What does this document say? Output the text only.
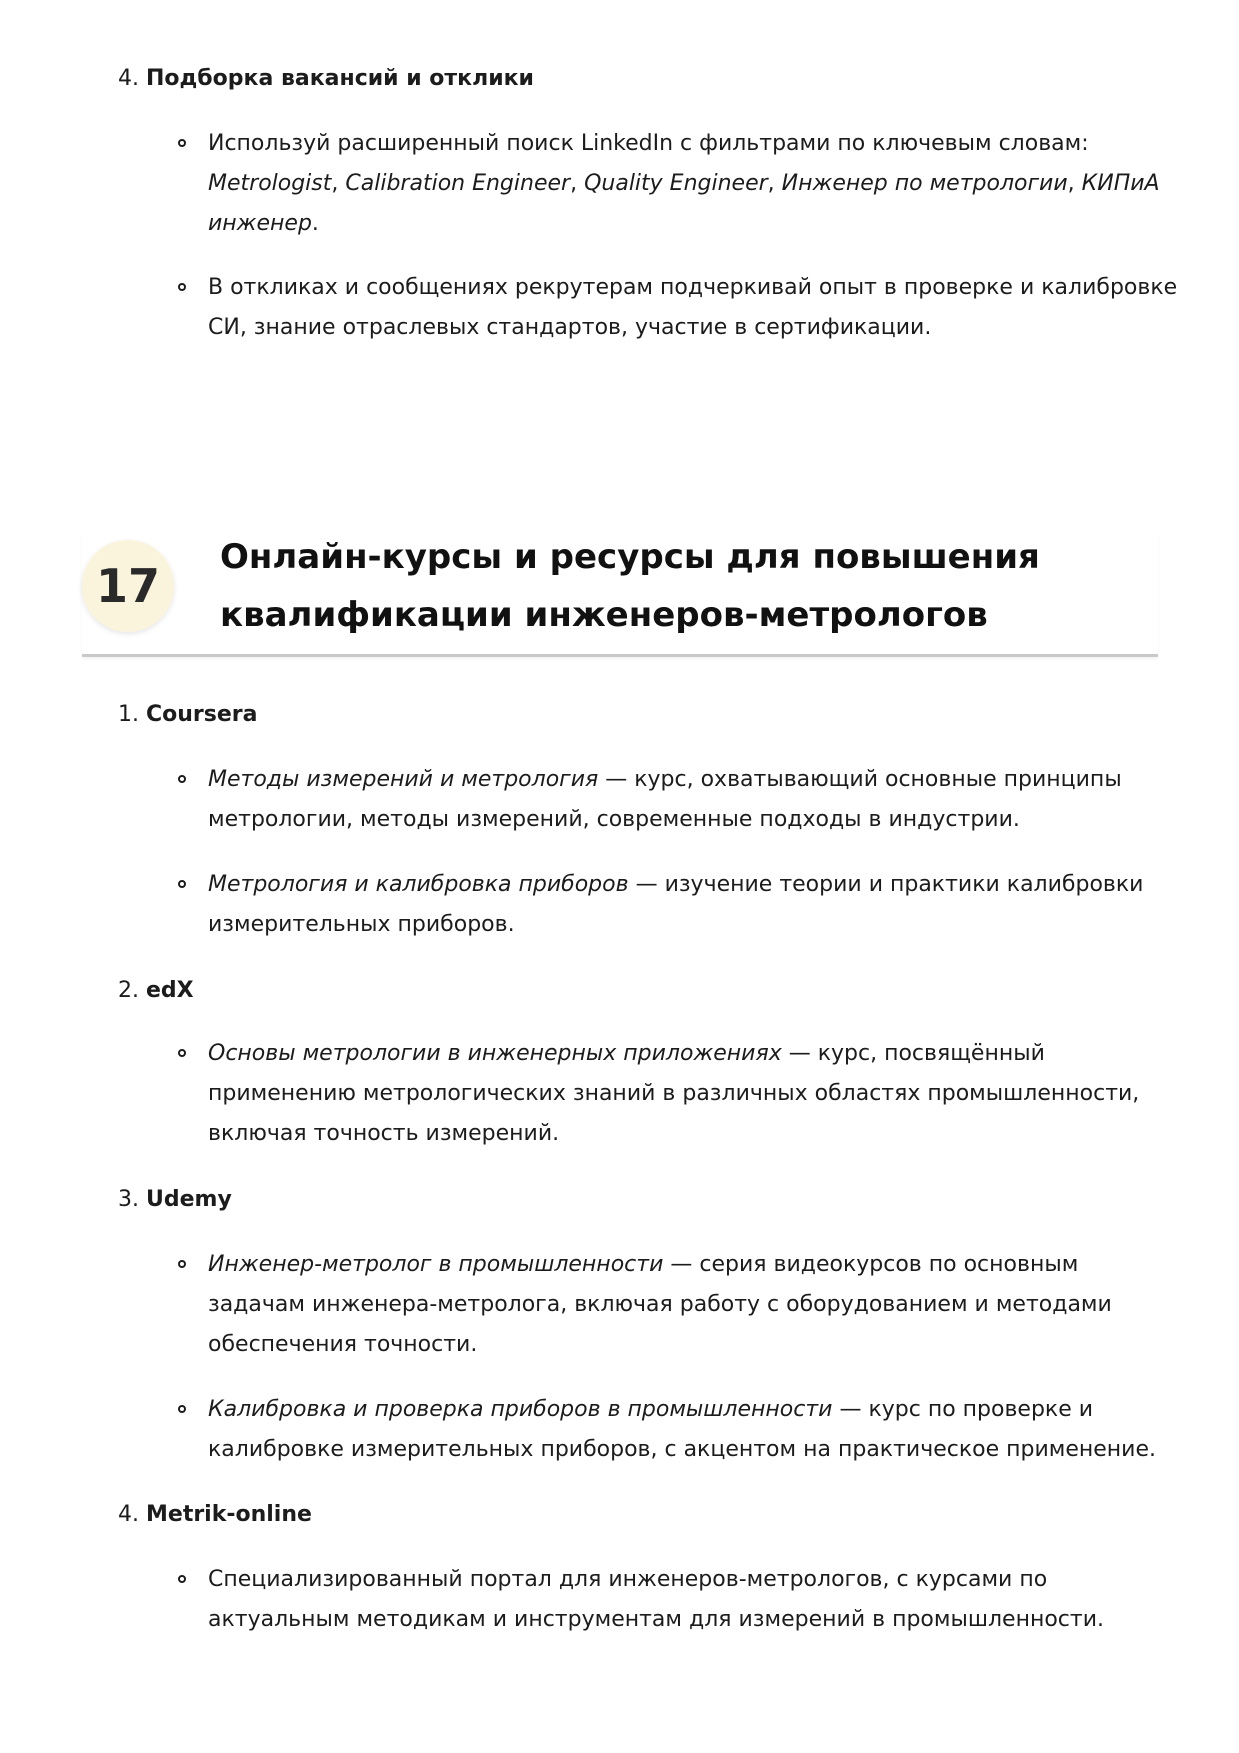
4. Подборка вакансий и отклики
Используй расширенный поиск LinkedIn с фильтрами по ключевым словам: Metrologist, Calibration Engineer, Quality Engineer, Инженер по метрологии, КИПиА инженер.
В откликах и сообщениях рекрутерам подчеркивай опыт в проверке и калибровке СИ, знание отраслевых стандартов, участие в сертификации.
17
Онлайн-курсы и ресурсы для повышения
квалификации инженеров-метрологов
1. Coursera
Методы измерений и метрология — курс, охватывающий основные принципы метрологии, методы измерений, современные подходы в индустрии.
Метрология и калибровка приборов — изучение теории и практики калибровки измерительных приборов.
2. edX
Основы метрологии в инженерных приложениях — курс, посвящённый применению метрологических знаний в различных областях промышленности, включая точность измерений.
3. Udemy
Инженер-метролог в промышленности — серия видеокурсов по основным задачам инженера-метролога, включая работу с оборудованием и методами обеспечения точности.
Калибровка и проверка приборов в промышленности — курс по проверке и калибровке измерительных приборов, с акцентом на практическое применение.
4. Metrik-online
Специализированный портал для инженеров-метрологов, с курсами по актуальным методикам и инструментам для измерений в промышленности.
